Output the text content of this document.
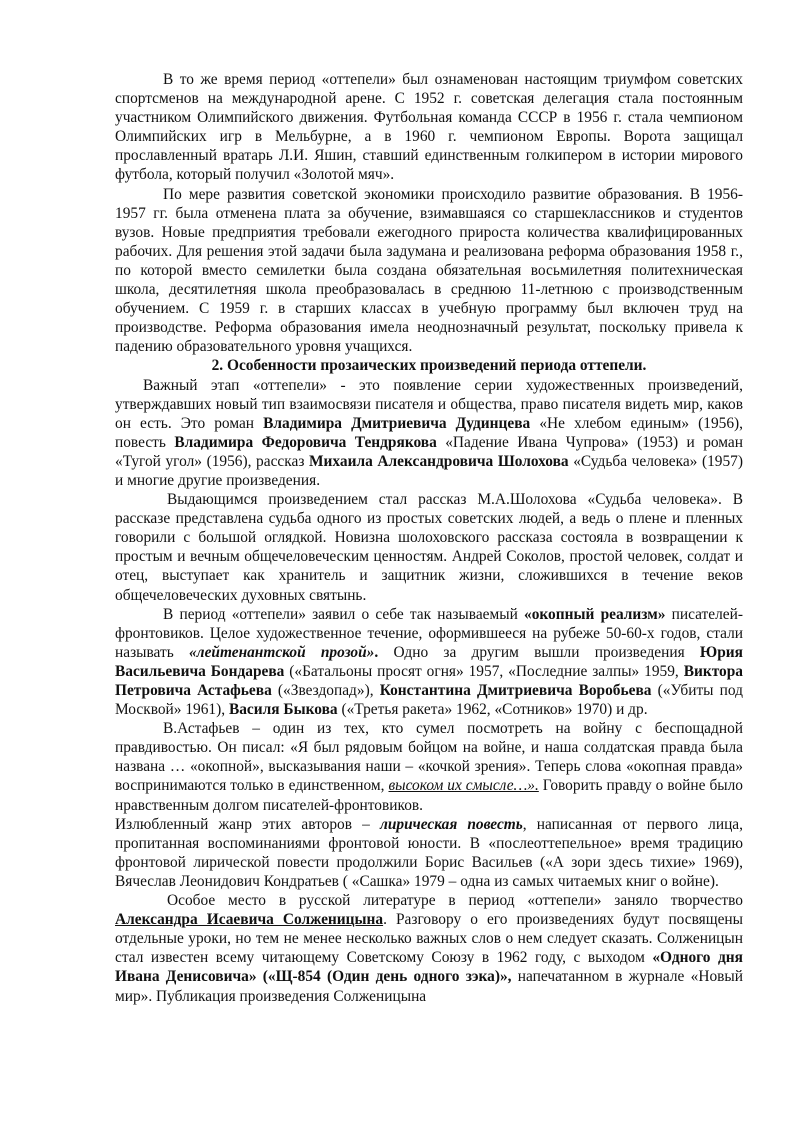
В то же время период «оттепели» был ознаменован настоящим триумфом советских спортсменов на международной арене. С 1952 г. советская делегация стала постоянным участником Олимпийского движения. Футбольная команда СССР в 1956 г. стала чемпионом Олимпийских игр в Мельбурне, а в 1960 г. чемпионом Европы. Ворота защищал прославленный вратарь Л.И. Яшин, ставший единственным голкипером в истории мирового футбола, который получил «Золотой мяч».

По мере развития советской экономики происходило развитие образования. В 1956-1957 гг. была отменена плата за обучение, взимавшаяся со старшеклассников и студентов вузов. Новые предприятия требовали ежегодного прироста количества квалифицированных рабочих. Для решения этой задачи была задумана и реализована реформа образования 1958 г., по которой вместо семилетки была создана обязательная восьмилетняя политехническая школа, десятилетняя школа преобразовалась в среднюю 11-летнюю с производственным обучением. С 1959 г. в старших классах в учебную программу был включен труд на производстве. Реформа образования имела неоднозначный результат, поскольку привела к падению образовательного уровня учащихся.

2. Особенности прозаических произведений периода оттепели.

Важный этап «оттепели» - это появление серии художественных произведений, утверждавших новый тип взаимосвязи писателя и общества, право писателя видеть мир, каков он есть. Это роман Владимира Дмитриевича Дудинцева «Не хлебом единым» (1956), повесть Владимира Федоровича Тендрякова «Падение Ивана Чупрова» (1953) и роман «Тугой угол» (1956), рассказ Михаила Александровича Шолохова «Судьба человека» (1957) и многие другие произведения.

Выдающимся произведением стал рассказ М.А.Шолохова «Судьба человека». В рассказе представлена судьба одного из простых советских людей, а ведь о плене и пленных говорили с большой оглядкой. Новизна шолоховского рассказа состояла в возвращении к простым и вечным общечеловеческим ценностям. Андрей Соколов, простой человек, солдат и отец, выступает как хранитель и защитник жизни, сложившихся в течение веков общечеловеческих духовных святынь.

В период «оттепели» заявил о себе так называемый «окопный реализм» писателей-фронтовиков. Целое художественное течение, оформившееся на рубеже 50-60-х годов, стали называть «лейтенантской прозой». Одно за другим вышли произведения Юрия Васильевича Бондарева («Батальоны просят огня» 1957, «Последние залпы» 1959, Виктора Петровича Астафьева («Звездопад»), Константина Дмитриевича Воробьева («Убиты под Москвой» 1961), Василя Быкова («Третья ракета» 1962, «Сотников» 1970) и др.

В.Астафьев – один из тех, кто сумел посмотреть на войну с беспощадной правдивостью. Он писал: «Я был рядовым бойцом на войне, и наша солдатская правда была названа … «окопной», высказывания наши – «кочкой зрения». Теперь слова «окопная правда» воспринимаются только в единственном, высоком их смысле…». Говорить правду о войне было нравственным долгом писателей-фронтовиков.

Излюбленный жанр этих авторов – лирическая повесть, написанная от первого лица, пропитанная воспоминаниями фронтовой юности. В «послеоттепельное» время традицию фронтовой лирической повести продолжили Борис Васильев («А зори здесь тихие» 1969), Вячеслав Леонидович Кондратьев ( «Сашка» 1979 – одна из самых читаемых книг о войне).

Особое место в русской литературе в период «оттепели» заняло творчество Александра Исаевича Солженицына. Разговору о его произведениях будут посвящены отдельные уроки, но тем не менее несколько важных слов о нем следует сказать. Солженицын стал известен всему читающему Советскому Союзу в 1962 году, с выходом «Одного дня Ивана Денисовича» («Щ-854 (Один день одного зэка)», напечатанном в журнале «Новый мир». Публикация произведения Солженицына
